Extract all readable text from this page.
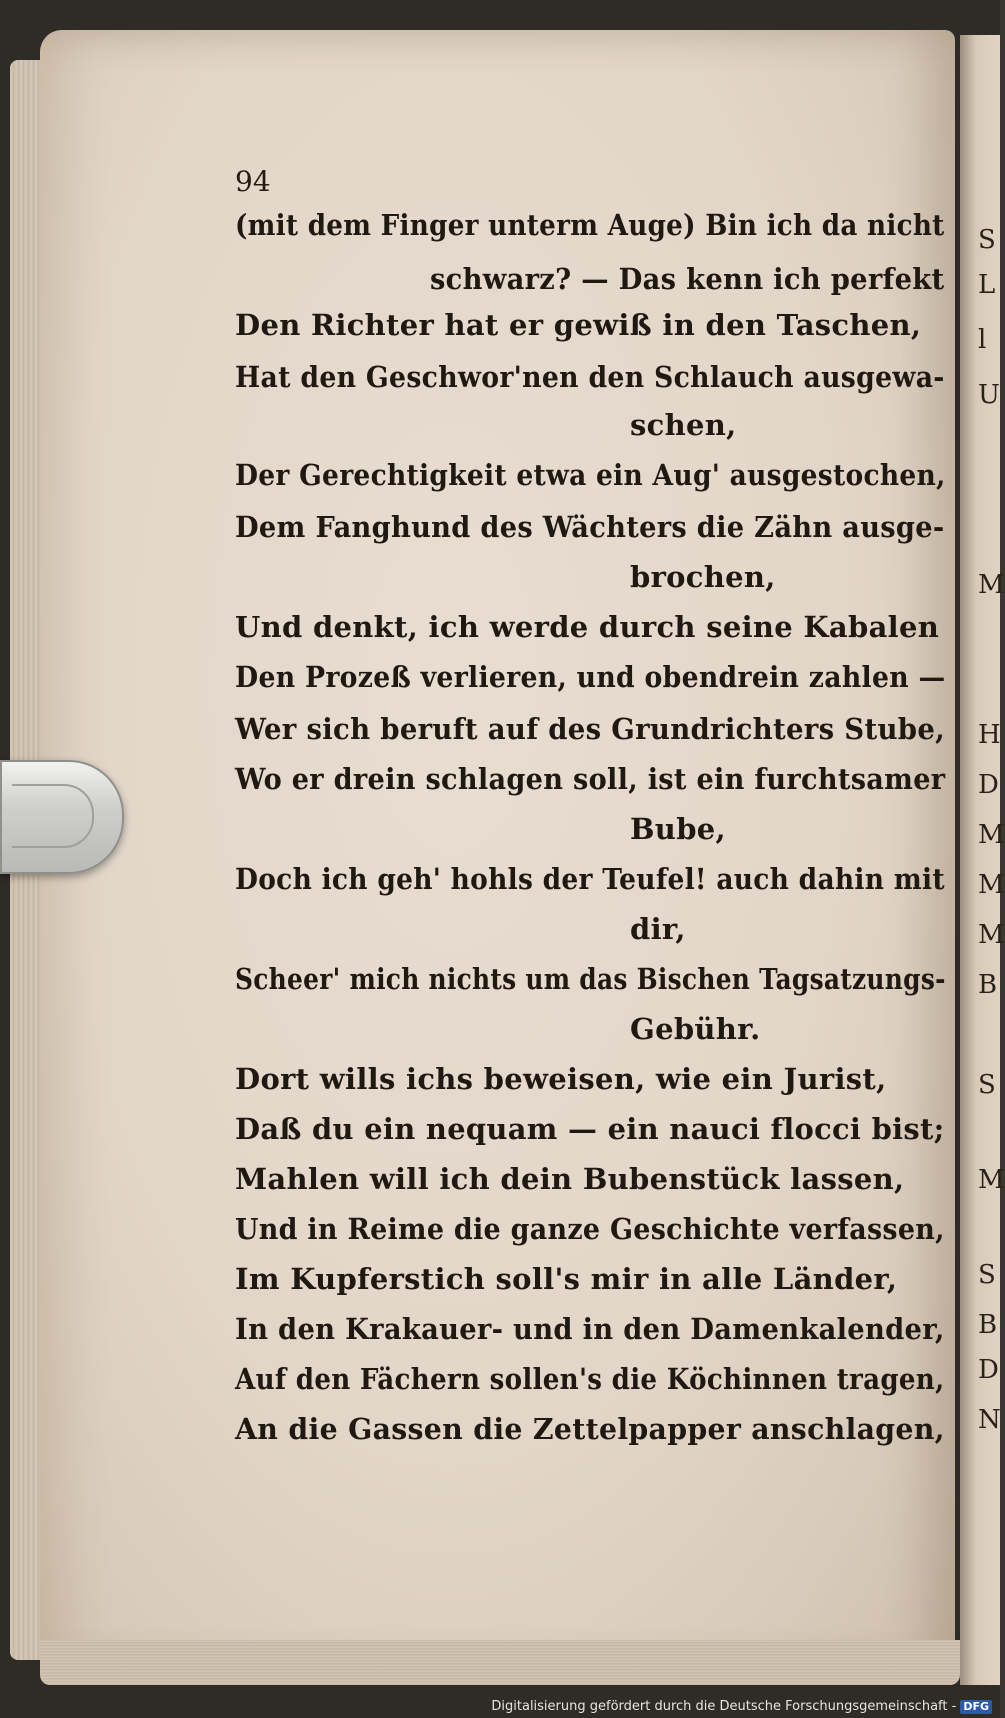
S
L
l
U
M
H
D
M
M
M
B
S
M
S
B
D
N
94
(mit dem Finger unterm Auge) Bin ich da nicht
schwarz? — Das kenn ich perfekt
Den Richter hat er gewiß in den Taschen,
Hat den Geschwor'nen den Schlauch ausgewa-
schen,
Der Gerechtigkeit etwa ein Aug' ausgestochen,
Dem Fanghund des Wächters die Zähn ausge-
brochen,
Und denkt, ich werde durch seine Kabalen
Den Prozeß verlieren, und obendrein zahlen —
Wer sich beruft auf des Grundrichters Stube,
Wo er drein schlagen soll, ist ein furchtsamer
Bube,
Doch ich geh' hohls der Teufel! auch dahin mit
dir,
Scheer' mich nichts um das Bischen Tagsatzungs-
Gebühr.
Dort wills ichs beweisen, wie ein Jurist,
Daß du ein nequam — ein nauci flocci bist;
Mahlen will ich dein Bubenstück lassen,
Und in Reime die ganze Geschichte verfassen,
Im Kupferstich soll's mir in alle Länder,
In den Krakauer- und in den Damenkalender,
Auf den Fächern sollen's die Köchinnen tragen,
An die Gassen die Zettelpapper anschlagen,
Digitalisierung gefördert durch die Deutsche Forschungsgemeinschaft - DFG
